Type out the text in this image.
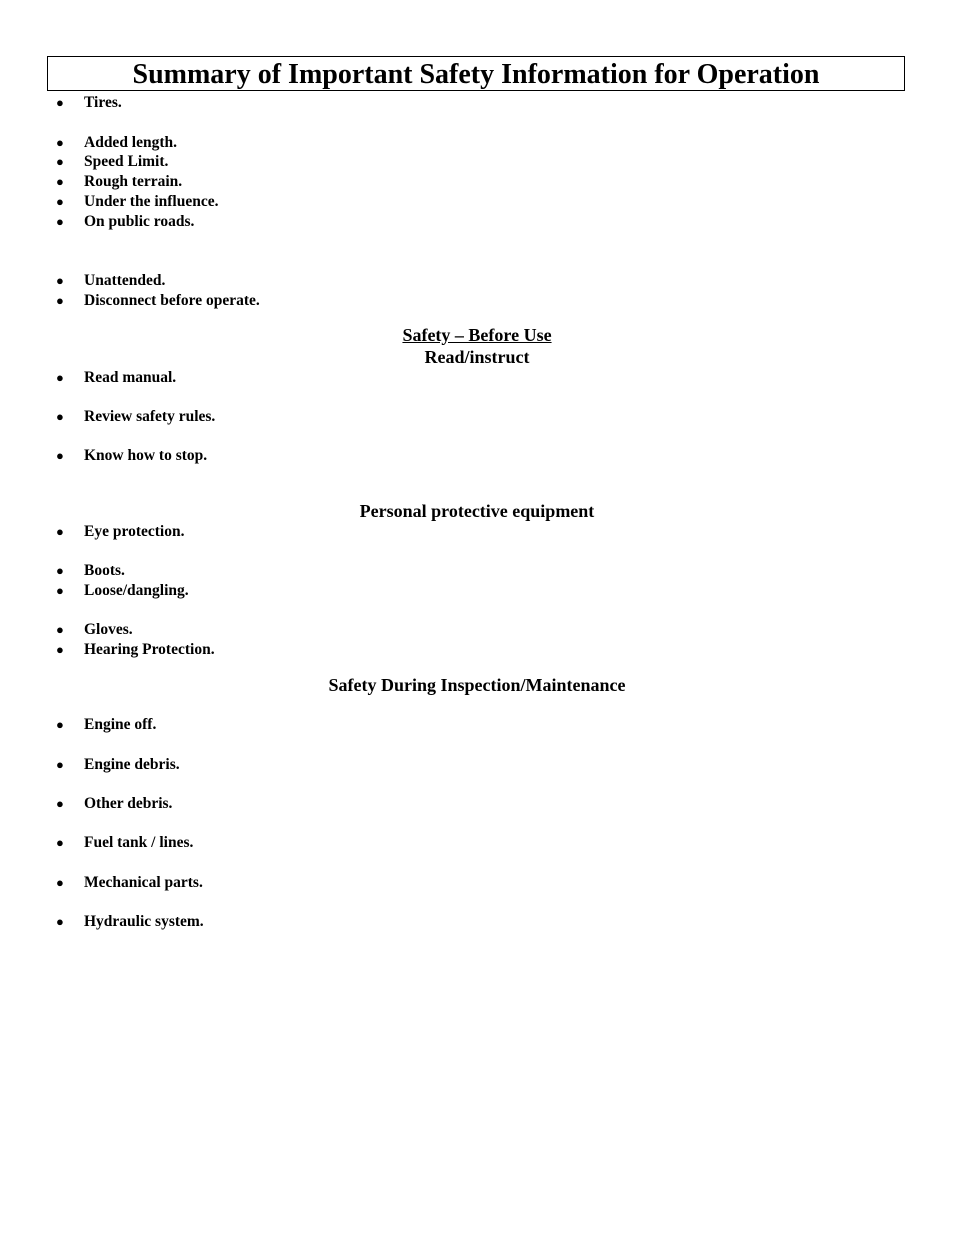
Summary of Important Safety Information for Operation
● Tires.
● Added length.
● Speed Limit.
● Rough terrain.
● Under the influence.
● On public roads.
● Unattended.
● Disconnect before operate.
Safety – Before Use
Read/instruct
● Read manual.
● Review safety rules.
● Know how to stop.
Personal protective equipment
● Eye protection.
● Boots.
● Loose/dangling.
● Gloves.
● Hearing Protection.
Safety During Inspection/Maintenance
● Engine off.
● Engine debris.
● Other debris.
● Fuel tank / lines.
● Mechanical parts.
● Hydraulic system.
